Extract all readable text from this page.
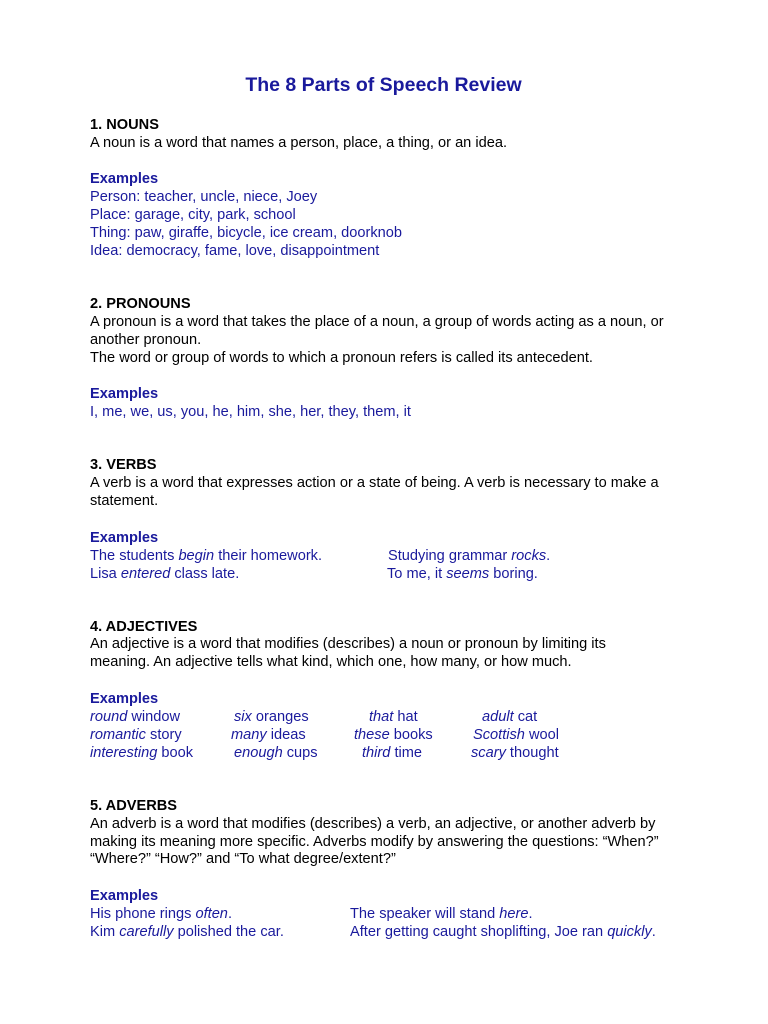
The 8 Parts of Speech Review
1. NOUNS
A noun is a word that names a person, place, a thing, or an idea.
Examples
Person: teacher, uncle, niece, Joey
Place: garage, city, park, school
Thing: paw, giraffe, bicycle, ice cream, doorknob
Idea: democracy, fame, love, disappointment
2. PRONOUNS

A pronoun is a word that takes the place of a noun, a group of words acting as a noun, or another pronoun.

The word or group of words to which a pronoun refers is called its antecedent.
Examples
I, me, we, us, you, he, him, she, her, they, them, it
3. VERBS

A verb is a word that expresses action or a state of being. A verb is necessary to make a statement.

Examples
The students begin their homework.	Studying grammar rocks.
Lisa entered class late.	To me, it seems boring.
4. ADJECTIVES

An adjective is a word that modifies (describes) a noun or pronoun by limiting its meaning. An adjective tells what kind, which one, how many, or how much.

Examples
round window	six oranges	that hat	adult cat
romantic story	many ideas	these books	Scottish wool
interesting book	enough cups	third time	scary thought
5. ADVERBS

An adverb is a word that modifies (describes) a verb, an adjective, or another adverb by making its meaning more specific. Adverbs modify by answering the questions: “When?” “Where?” “How?” and “To what degree/extent?”

Examples
His phone rings often.	The speaker will stand here.
Kim carefully polished the car.	After getting caught shoplifting, Joe ran quickly.
